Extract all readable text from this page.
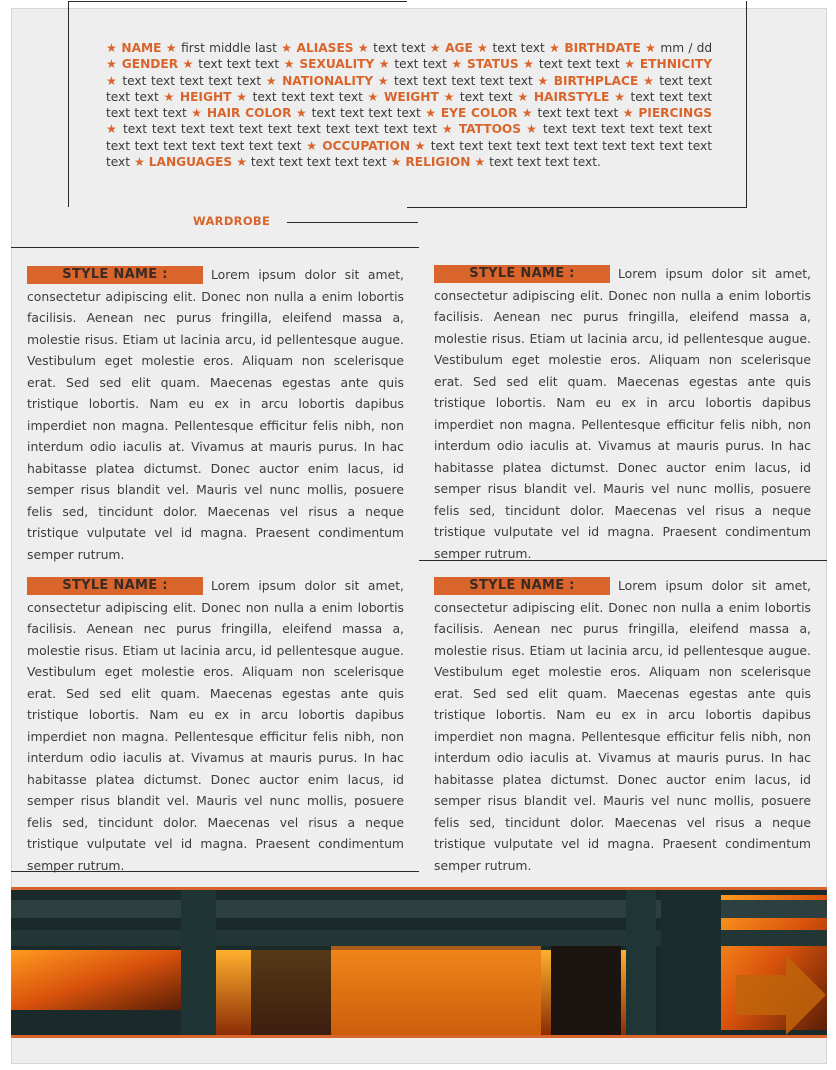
★ NAME ★ first middle last ★ ALIASES ★ text text ★ AGE ★ text text ★ BIRTHDATE ★ mm / dd ★ GENDER ★ text text text ★ SEXUALITY ★ text text ★ STATUS ★ text text text ★ ETHNICITY ★ text text text text text ★ NATIONALITY ★ text text text text text ★ BIRTHPLACE ★ text text text text ★ HEIGHT ★ text text text text ★ WEIGHT ★ text text ★ HAIRSTYLE ★ text text text text text text ★ HAIR COLOR ★ text text text text ★ EYE COLOR ★ text text text ★ PIERCINGS ★ text text text text text text text text text text text ★ TATTOOS ★ text text text text text text text text text text text text text ★ OCCUPATION ★ text text text text text text text text text text text ★ LANGUAGES ★ text text text text text ★ RELIGION ★ text text text text.
WARDROBE
STYLE NAME :	Lorem ipsum dolor sit amet, consectetur adipiscing elit. Donec non nulla a enim lobortis facilisis. Aenean nec purus fringilla, eleifend massa a, molestie risus. Etiam ut lacinia arcu, id pellentesque augue. Vestibulum eget molestie eros. Aliquam non scelerisque erat. Sed sed elit quam. Maecenas egestas ante quis tristique lobortis. Nam eu ex in arcu lobortis dapibus imperdiet non magna. Pellentesque efficitur felis nibh, non interdum odio iaculis at. Vivamus at mauris purus. In hac habitasse platea dictumst. Donec auctor enim lacus, id semper risus blandit vel. Mauris vel nunc mollis, posuere felis sed, tincidunt dolor. Maecenas vel risus a neque tristique vulputate vel id magna. Praesent condimentum semper rutrum.
STYLE NAME :	Lorem ipsum dolor sit amet, consectetur adipiscing elit. Donec non nulla a enim lobortis facilisis. Aenean nec purus fringilla, eleifend massa a, molestie risus. Etiam ut lacinia arcu, id pellentesque augue. Vestibulum eget molestie eros. Aliquam non scelerisque erat. Sed sed elit quam. Maecenas egestas ante quis tristique lobortis. Nam eu ex in arcu lobortis dapibus imperdiet non magna. Pellentesque efficitur felis nibh, non interdum odio iaculis at. Vivamus at mauris purus. In hac habitasse platea dictumst. Donec auctor enim lacus, id semper risus blandit vel. Mauris vel nunc mollis, posuere felis sed, tincidunt dolor. Maecenas vel risus a neque tristique vulputate vel id magna. Praesent condimentum semper rutrum.
STYLE NAME :	Lorem ipsum dolor sit amet, consectetur adipiscing elit. Donec non nulla a enim lobortis facilisis. Aenean nec purus fringilla, eleifend massa a, molestie risus. Etiam ut lacinia arcu, id pellentesque augue. Vestibulum eget molestie eros. Aliquam non scelerisque erat. Sed sed elit quam. Maecenas egestas ante quis tristique lobortis. Nam eu ex in arcu lobortis dapibus imperdiet non magna. Pellentesque efficitur felis nibh, non interdum odio iaculis at. Vivamus at mauris purus. In hac habitasse platea dictumst. Donec auctor enim lacus, id semper risus blandit vel. Mauris vel nunc mollis, posuere felis sed, tincidunt dolor. Maecenas vel risus a neque tristique vulputate vel id magna. Praesent condimentum semper rutrum.
STYLE NAME :	Lorem ipsum dolor sit amet, consectetur adipiscing elit. Donec non nulla a enim lobortis facilisis. Aenean nec purus fringilla, eleifend massa a, molestie risus. Etiam ut lacinia arcu, id pellentesque augue. Vestibulum eget molestie eros. Aliquam non scelerisque erat. Sed sed elit quam. Maecenas egestas ante quis tristique lobortis. Nam eu ex in arcu lobortis dapibus imperdiet non magna. Pellentesque efficitur felis nibh, non interdum odio iaculis at. Vivamus at mauris purus. In hac habitasse platea dictumst. Donec auctor enim lacus, id semper risus blandit vel. Mauris vel nunc mollis, posuere felis sed, tincidunt dolor. Maecenas vel risus a neque tristique vulputate vel id magna. Praesent condimentum semper rutrum.
